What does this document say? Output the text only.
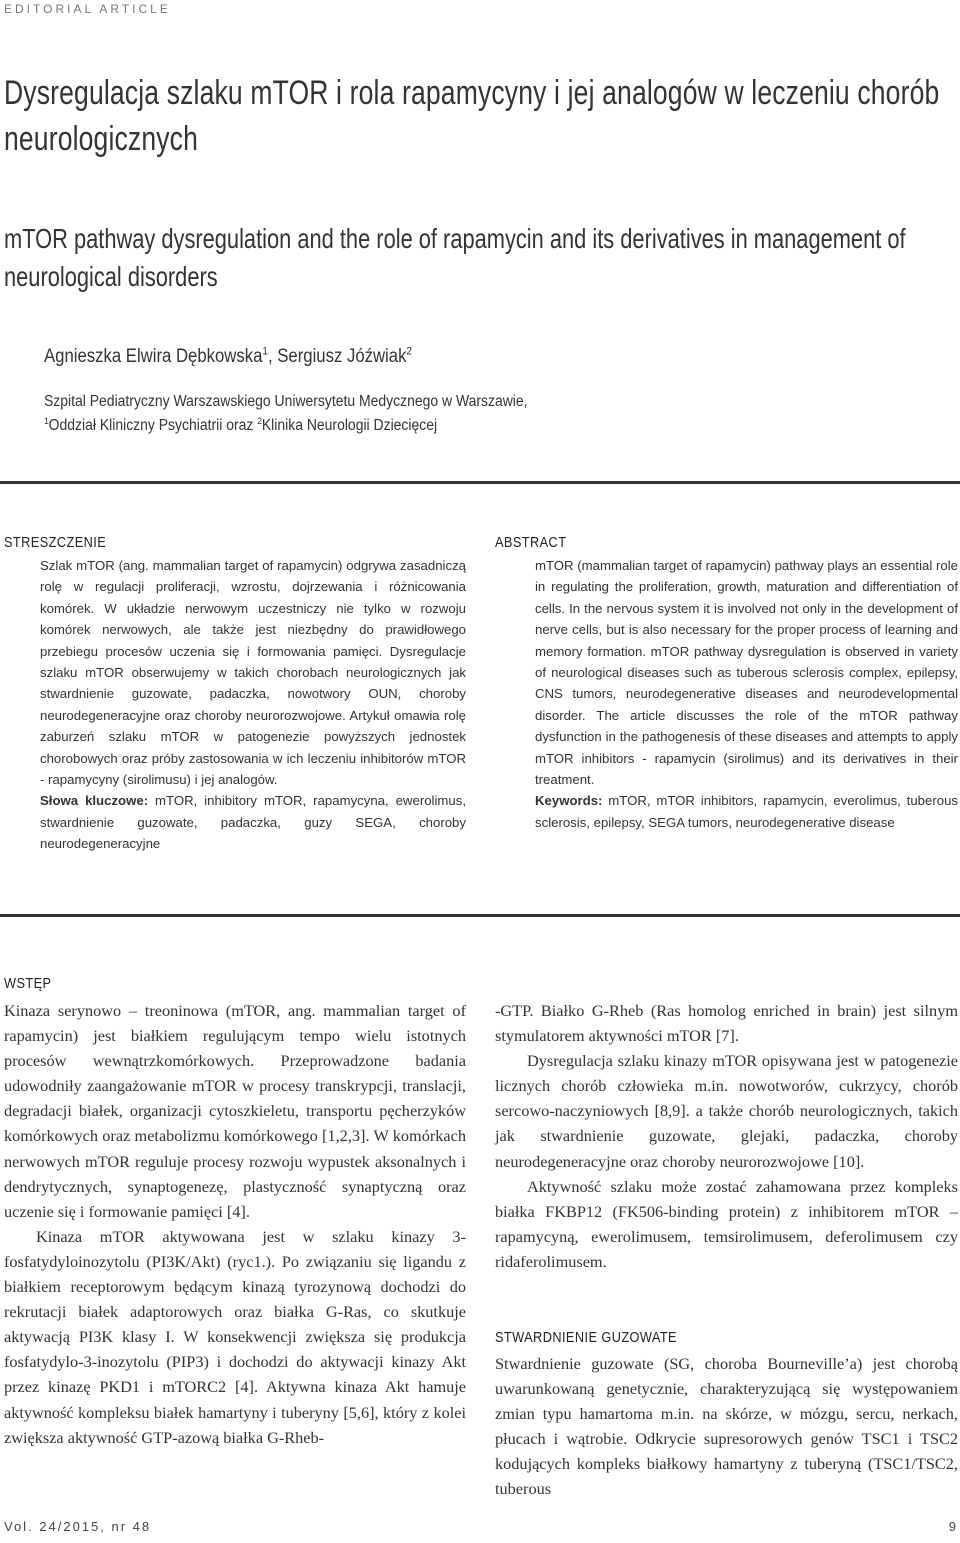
EDITORIAL ARTICLE
Dysregulacja szlaku mTOR i rola rapamycyny i jej analogów w leczeniu chorób neurologicznych
mTOR pathway dysregulation and the role of rapamycin and its derivatives in management of neurological disorders
Agnieszka Elwira Dębkowska$^1$, Sergiusz Jóźwiak$^2$
Szpital Pediatryczny Warszawskiego Uniwersytetu Medycznego w Warszawie,
$^1$Oddział Kliniczny Psychiatrii oraz $^2$Klinika Neurologii Dziecięcej
STRESZCZENIE

Szlak mTOR (ang. mammalian target of rapamycin) odgrywa zasadniczą rolę w regulacji proliferacji, wzrostu, dojrzewania i różnicowania komórek. W układzie nerwowym uczestniczy nie tylko w rozwoju komórek nerwowych, ale także jest niezbędny do prawidłowego przebiegu procesów uczenia się i formowania pamięci. Dysregulacje szlaku mTOR obserwujemy w takich chorobach neurologicznych jak stwardnienie guzowate, padaczka, nowotwory OUN, choroby neurodegeneracyjne oraz choroby neurorozwojowe. Artykuł omawia rolę zaburzeń szlaku mTOR w patogenezie powyższych jednostek chorobowych oraz próby zastosowania w ich leczeniu inhibitorów mTOR - rapamycyny (sirolimusu) i jej analogów.

Słowa kluczowe: mTOR, inhibitory mTOR, rapamycyna, ewerolimus, stwardnienie guzowate, padaczka, guzy SEGA, choroby neurodegeneracyjne

ABSTRACT

mTOR (mammalian target of rapamycin) pathway plays an essential role in regulating the proliferation, growth, maturation and differentiation of cells. In the nervous system it is involved not only in the development of nerve cells, but is also necessary for the proper process of learning and memory formation. mTOR pathway dysregulation is observed in variety of neurological diseases such as tuberous sclerosis complex, epilepsy, CNS tumors, neurodegenerative diseases and neurodevelopmental disorder. The article discusses the role of the mTOR pathway dysfunction in the pathogenesis of these diseases and attempts to apply mTOR inhibitors - rapamycin (sirolimus) and its derivatives in their treatment.

Keywords: mTOR, mTOR inhibitors, rapamycin, everolimus, tuberous sclerosis, epilepsy, SEGA tumors, neurodegenerative disease

WSTĘP

Kinaza serynowo – treoninowa (mTOR, ang. mammalian target of rapamycin) jest białkiem regulującym tempo wielu istotnych procesów wewnątrzkomórkowych. Przeprowadzone badania udowodniły zaangażowanie mTOR w procesy transkrypcji, translacji, degradacji białek, organizacji cytoszkieletu, transportu pęcherzyków komórkowych oraz metabolizmu komórkowego [1,2,3]. W komórkach nerwowych mTOR reguluje procesy rozwoju wypustek aksonalnych i dendrytycznych, synaptogenezę, plastyczność synaptyczną oraz uczenie się i formowanie pamięci [4].

Kinaza mTOR aktywowana jest w szlaku kinazy 3-fosfatydyloinozytolu (PI3K/Akt) (ryc1.). Po związaniu się ligandu z białkiem receptorowym będącym kinazą tyrozynową dochodzi do rekrutacji białek adaptorowych oraz białka G-Ras, co skutkuje aktywacją PI3K klasy I. W konsekwencji zwiększa się produkcja fosfatydylo-3-inozytolu (PIP3) i dochodzi do aktywacji kinazy Akt przez kinazę PKD1 i mTORC2 [4]. Aktywna kinaza Akt hamuje aktywność kompleksu białek hamartyny i tuberyny [5,6], który z kolei zwiększa aktywność GTP-azową białka G-Rheb-

-GTP. Białko G-Rheb (Ras homolog enriched in brain) jest silnym stymulatorem aktywności mTOR [7].

Dysregulacja szlaku kinazy mTOR opisywana jest w patogenezie licznych chorób człowieka m.in. nowotworów, cukrzycy, chorób sercowo-naczyniowych [8,9]. a także chorób neurologicznych, takich jak stwardnienie guzowate, glejaki, padaczka, choroby neurodegeneracyjne oraz choroby neurorozwojowe [10].

Aktywność szlaku może zostać zahamowana przez kompleks białka FKBP12 (FK506-binding protein) z inhibitorem mTOR – rapamycyną, ewerolimusem, temsirolimusem, deferolimusem czy ridaferolimusem.

STWARDNIENIE GUZOWATE

Stwardnienie guzowate (SG, choroba Bourneville’a) jest chorobą uwarunkowaną genetycznie, charakteryzującą się występowaniem zmian typu hamartoma m.in. na skórze, w mózgu, sercu, nerkach, płucach i wątrobie. Odkrycie supresorowych genów TSC1 i TSC2 kodujących kompleks białkowy hamartyny z tuberyną (TSC1/TSC2, tuberous

Vol. 24/2015, nr 48	9
